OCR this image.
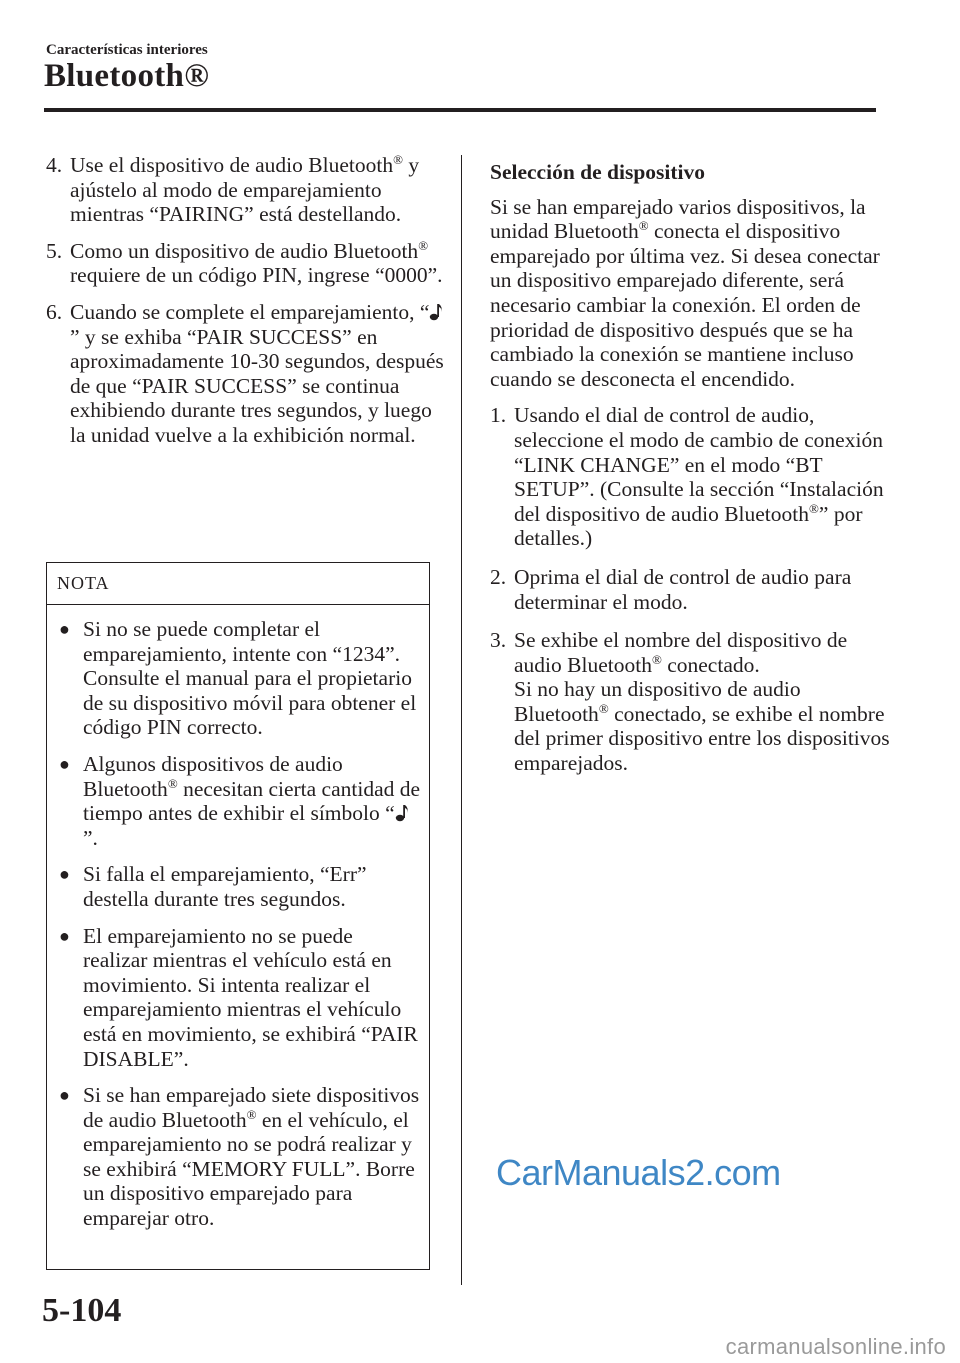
Características interiores
Bluetooth®
4. Use el dispositivo de audio Bluetooth® y ajústelo al modo de emparejamiento mientras “PAIRING” está destellando.
5. Como un dispositivo de audio Bluetooth® requiere de un código PIN, ingrese “0000”.
6. Cuando se complete el emparejamiento, “” y se exhiba “PAIR SUCCESS” en aproximadamente 10-30 segundos, después de que “PAIR SUCCESS” se continua exhibiendo durante tres segundos, y luego la unidad vuelve a la exhibición normal.
NOTA
● Si no se puede completar el emparejamiento, intente con “1234”. Consulte el manual para el propietario de su dispositivo móvil para obtener el código PIN correcto.
● Algunos dispositivos de audio Bluetooth® necesitan cierta cantidad de tiempo antes de exhibir el símbolo “”.
● Si falla el emparejamiento, “Err” destella durante tres segundos.
● El emparejamiento no se puede realizar mientras el vehículo está en movimiento. Si intenta realizar el emparejamiento mientras el vehículo está en movimiento, se exhibirá “PAIR DISABLE”.
● Si se han emparejado siete dispositivos de audio Bluetooth® en el vehículo, el emparejamiento no se podrá realizar y se exhibirá “MEMORY FULL”. Borre un dispositivo emparejado para emparejar otro.
Selección de dispositivo
Si se han emparejado varios dispositivos, la unidad Bluetooth® conecta el dispositivo emparejado por última vez. Si desea conectar un dispositivo emparejado diferente, será necesario cambiar la conexión. El orden de prioridad de dispositivo después que se ha cambiado la conexión se mantiene incluso cuando se desconecta el encendido.
1. Usando el dial de control de audio, seleccione el modo de cambio de conexión “LINK CHANGE” en el modo “BT SETUP”. (Consulte la sección “Instalación del dispositivo de audio Bluetooth®” por detalles.)
2. Oprima el dial de control de audio para determinar el modo.
3. Se exhibe el nombre del dispositivo de audio Bluetooth® conectado.
Si no hay un dispositivo de audio Bluetooth® conectado, se exhibe el nombre del primer dispositivo entre los dispositivos emparejados.
CarManuals2.com
5-104
carmanualsonline.info
